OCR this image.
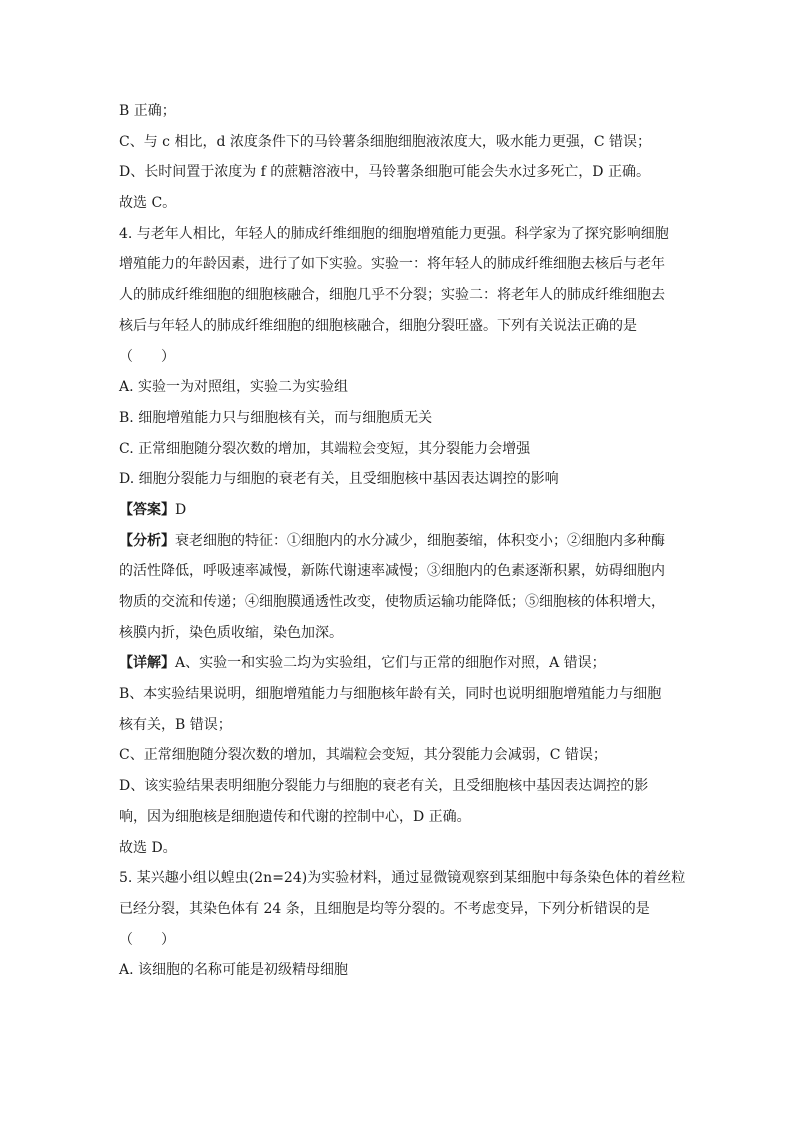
B 正确；
C、与 c 相比，d 浓度条件下的马铃薯条细胞细胞液浓度大，吸水能力更强，C 错误；
D、长时间置于浓度为 f 的蔗糖溶液中，马铃薯条细胞可能会失水过多死亡，D 正确。
故选 C。
4. 与老年人相比，年轻人的肺成纤维细胞的细胞增殖能力更强。科学家为了探究影响细胞
增殖能力的年龄因素，进行了如下实验。实验一：将年轻人的肺成纤维细胞去核后与老年
人的肺成纤维细胞的细胞核融合，细胞几乎不分裂；实验二：将老年人的肺成纤维细胞去
核后与年轻人的肺成纤维细胞的细胞核融合，细胞分裂旺盛。下列有关说法正确的是
（　　）
A. 实验一为对照组，实验二为实验组
B. 细胞增殖能力只与细胞核有关，而与细胞质无关
C. 正常细胞随分裂次数的增加，其端粒会变短，其分裂能力会增强
D. 细胞分裂能力与细胞的衰老有关，且受细胞核中基因表达调控的影响
【答案】D
【分析】衰老细胞的特征：①细胞内的水分减少，细胞萎缩，体积变小；②细胞内多种酶
的活性降低，呼吸速率减慢，新陈代谢速率减慢；③细胞内的色素逐渐积累，妨碍细胞内
物质的交流和传递；④细胞膜通透性改变，使物质运输功能降低；⑤细胞核的体积增大，
核膜内折，染色质收缩，染色加深。
【详解】A、实验一和实验二均为实验组，它们与正常的细胞作对照，A 错误；
B、本实验结果说明，细胞增殖能力与细胞核年龄有关，同时也说明细胞增殖能力与细胞
核有关，B 错误；
C、正常细胞随分裂次数的增加，其端粒会变短，其分裂能力会减弱，C 错误；
D、该实验结果表明细胞分裂能力与细胞的衰老有关，且受细胞核中基因表达调控的影
响，因为细胞核是细胞遗传和代谢的控制中心，D 正确。
故选 D。
5. 某兴趣小组以蝗虫(2n=24)为实验材料，通过显微镜观察到某细胞中每条染色体的着丝粒
已经分裂，其染色体有 24 条，且细胞是均等分裂的。不考虑变异，下列分析错误的是
（　　）
A. 该细胞的名称可能是初级精母细胞
